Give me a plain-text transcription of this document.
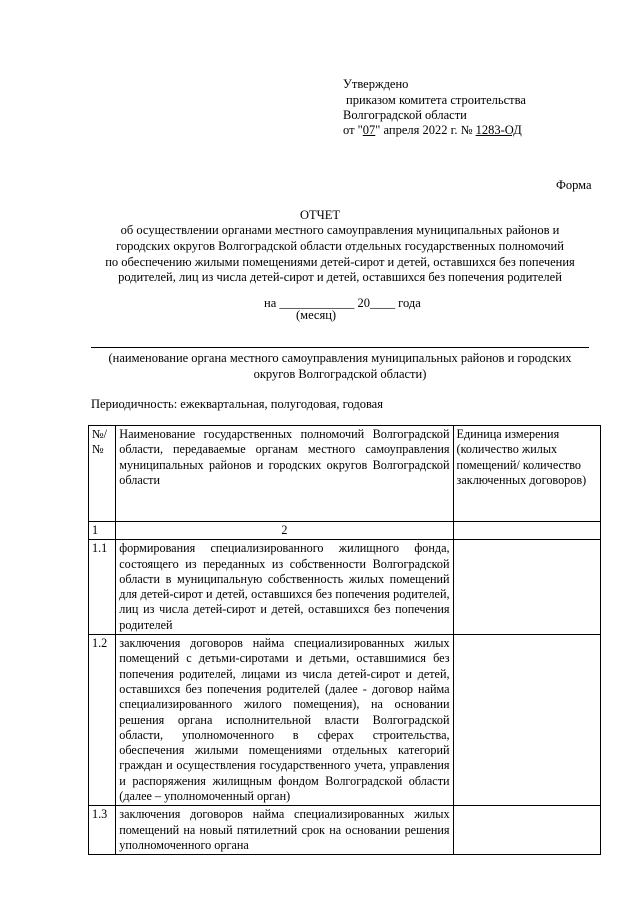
Утверждено
приказом комитета строительства
Волгоградской области
от "07" апреля 2022 г. № 1283-ОД
Форма
ОТЧЕТ
об осуществлении органами местного самоуправления муниципальных районов и
городских округов Волгоградской области отдельных государственных полномочий
по обеспечению жилыми помещениями детей-сирот и детей, оставшихся без попечения
родителей, лиц из числа детей-сирот и детей, оставшихся без попечения родителей
на ____________ 20____ года
(месяц)
(наименование органа местного самоуправления муниципальных районов и городских
округов Волгоградской области)
Периодичность: ежеквартальная, полугодовая, годовая
№/ №	Наименование государственных полномочий Волгоградской области, передаваемые органам местного самоуправления муниципальных районов и городских округов Волгоградской области	Единица измерения (количество жилых помещений/ количество заключенных договоров)
1	2	
1.1	формирования специализированного жилищного фонда, состоящего из переданных из собственности Волгоградской области в муниципальную собственность жилых помещений для детей-сирот и детей, оставшихся без попечения родителей, лиц из числа детей-сирот и детей, оставшихся без попечения родителей	
1.2	заключения договоров найма специализированных жилых помещений с детьми-сиротами и детьми, оставшимися без попечения родителей, лицами из числа детей-сирот и детей, оставшихся без попечения родителей (далее - договор найма специализированного жилого помещения), на основании решения органа исполнительной власти Волгоградской области, уполномоченного в сферах строительства, обеспечения жилыми помещениями отдельных категорий граждан и осуществления государственного учета, управления и распоряжения жилищным фондом Волгоградской области (далее – уполномоченный орган)	
1.3	заключения договоров найма специализированных жилых помещений на новый пятилетний срок на основании решения уполномоченного органа	
